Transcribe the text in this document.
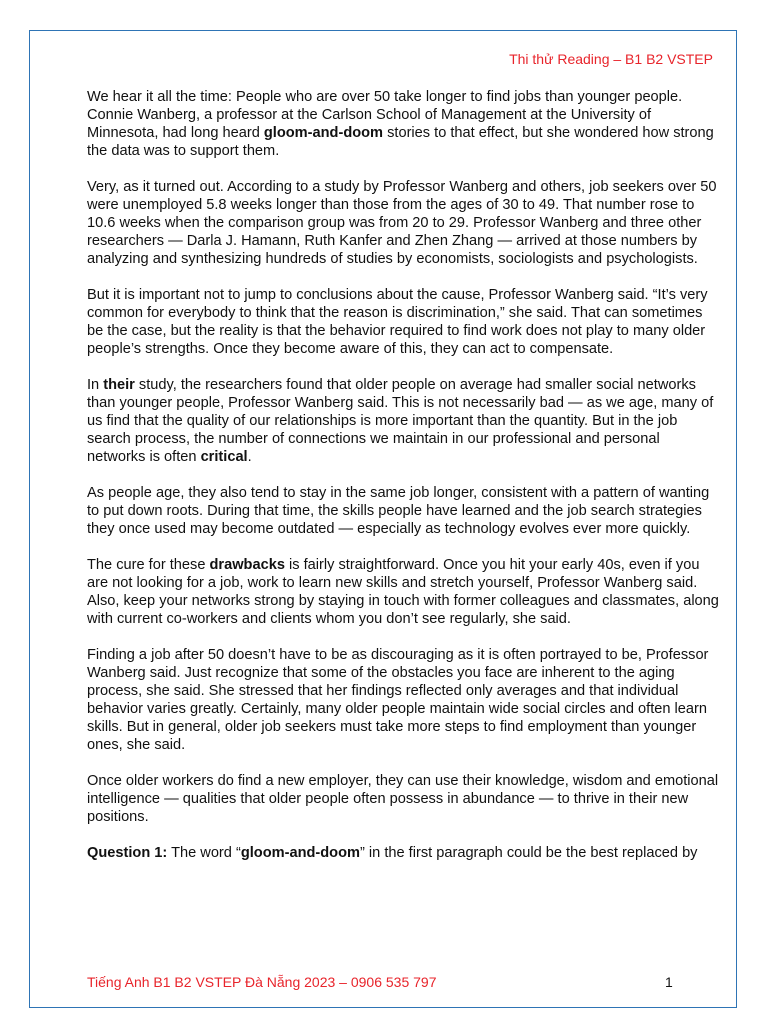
Thi thử Reading – B1 B2 VSTEP

We hear it all the time: People who are over 50 take longer to find jobs than younger people. Connie Wanberg, a professor at the Carlson School of Management at the University of Minnesota, had long heard gloom-and-doom stories to that effect, but she wondered how strong the data was to support them.

Very, as it turned out. According to a study by Professor Wanberg and others, job seekers over 50 were unemployed 5.8 weeks longer than those from the ages of 30 to 49. That number rose to 10.6 weeks when the comparison group was from 20 to 29. Professor Wanberg and three other researchers — Darla J. Hamann, Ruth Kanfer and Zhen Zhang — arrived at those numbers by analyzing and synthesizing hundreds of studies by economists, sociologists and psychologists.

But it is important not to jump to conclusions about the cause, Professor Wanberg said. “It’s very common for everybody to think that the reason is discrimination,” she said. That can sometimes be the case, but the reality is that the behavior required to find work does not play to many older people’s strengths. Once they become aware of this, they can act to compensate.

In their study, the researchers found that older people on average had smaller social networks than younger people, Professor Wanberg said. This is not necessarily bad — as we age, many of us find that the quality of our relationships is more important than the quantity. But in the job search process, the number of connections we maintain in our professional and personal networks is often critical.

As people age, they also tend to stay in the same job longer, consistent with a pattern of wanting to put down roots. During that time, the skills people have learned and the job search strategies they once used may become outdated — especially as technology evolves ever more quickly.

The cure for these drawbacks is fairly straightforward. Once you hit your early 40s, even if you are not looking for a job, work to learn new skills and stretch yourself, Professor Wanberg said. Also, keep your networks strong by staying in touch with former colleagues and classmates, along with current co-workers and clients whom you don’t see regularly, she said.

Finding a job after 50 doesn’t have to be as discouraging as it is often portrayed to be, Professor Wanberg said. Just recognize that some of the obstacles you face are inherent to the aging process, she said. She stressed that her findings reflected only averages and that individual behavior varies greatly. Certainly, many older people maintain wide social circles and often learn skills. But in general, older job seekers must take more steps to find employment than younger ones, she said.

Once older workers do find a new employer, they can use their knowledge, wisdom and emotional intelligence — qualities that older people often possess in abundance — to thrive in their new positions.

Question 1: The word “gloom-and-doom” in the first paragraph could be the best replaced by

Tiếng Anh B1 B2 VSTEP Đà Nẵng 2023 – 0906 535 797	1
